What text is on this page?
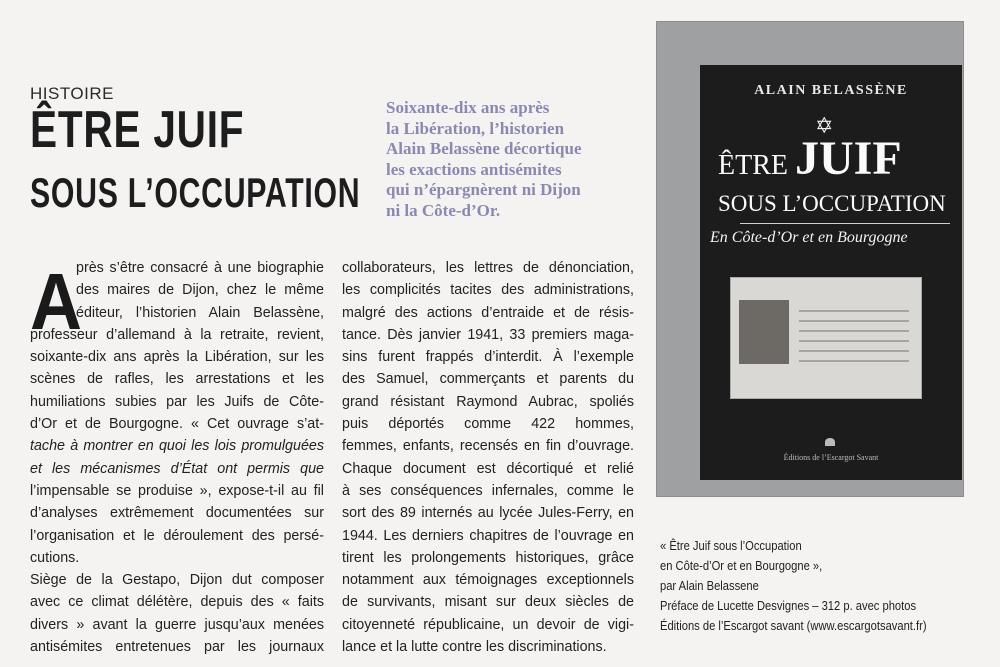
HISTOIRE
ÊTRE JUIF
SOUS L’OCCUPATION
Soixante-dix ans après
la Libération, l’historien
Alain Belassène décortique
les exactions antisémites
qui n’épargnèrent ni Dijon
ni la Côte-d’Or.
A
près s’être consacré à une biographie
des maires de Dijon, chez le même
éditeur, l’historien Alain Belassène,
professeur d’allemand à la retraite, revient,
soixante-dix ans après la Libération, sur les
scènes de rafles, les arrestations et les
humiliations subies par les Juifs de Côte-
d’Or et de Bourgogne. « Cet ouvrage s’at-
tache à montrer en quoi les lois promulguées
et les mécanismes d’État ont permis que
l’impensable se produise », expose-t-il au fil
d’analyses extrêmement documentées sur
l’organisation et le déroulement des persé-
cutions.
Siège de la Gestapo, Dijon dut composer
avec ce climat délétère, depuis des « faits
divers » avant la guerre jusqu’aux menées
antisémites entretenues par les journaux
collaborateurs, les lettres de dénonciation,
les complicités tacites des administrations,
malgré des actions d’entraide et de résis-
tance. Dès janvier 1941, 33 premiers maga-
sins furent frappés d’interdit. À l’exemple
des Samuel, commerçants et parents du
grand résistant Raymond Aubrac, spoliés
puis déportés comme 422 hommes,
femmes, enfants, recensés en fin d’ouvrage.
Chaque document est décortiqué et relié
à ses conséquences infernales, comme le
sort des 89 internés au lycée Jules-Ferry, en
1944. Les derniers chapitres de l’ouvrage en
tirent les prolongements historiques, grâce
notamment aux témoignages exceptionnels
de survivants, misant sur deux siècles de
citoyenneté républicaine, un devoir de vigi-
lance et la lutte contre les discriminations.
ALAIN BELASSÈNE
✡
ÊTRE JUIF
SOUS L’OCCUPATION
En Côte-d’Or et en Bourgogne
Éditions de l’Escargot Savant
« Être Juif sous l’Occupation
en Côte-d’Or et en Bourgogne »,
par Alain Belassene
Préface de Lucette Desvignes – 312 p. avec photos
Éditions de l’Escargot savant (www.escargotsavant.fr)
